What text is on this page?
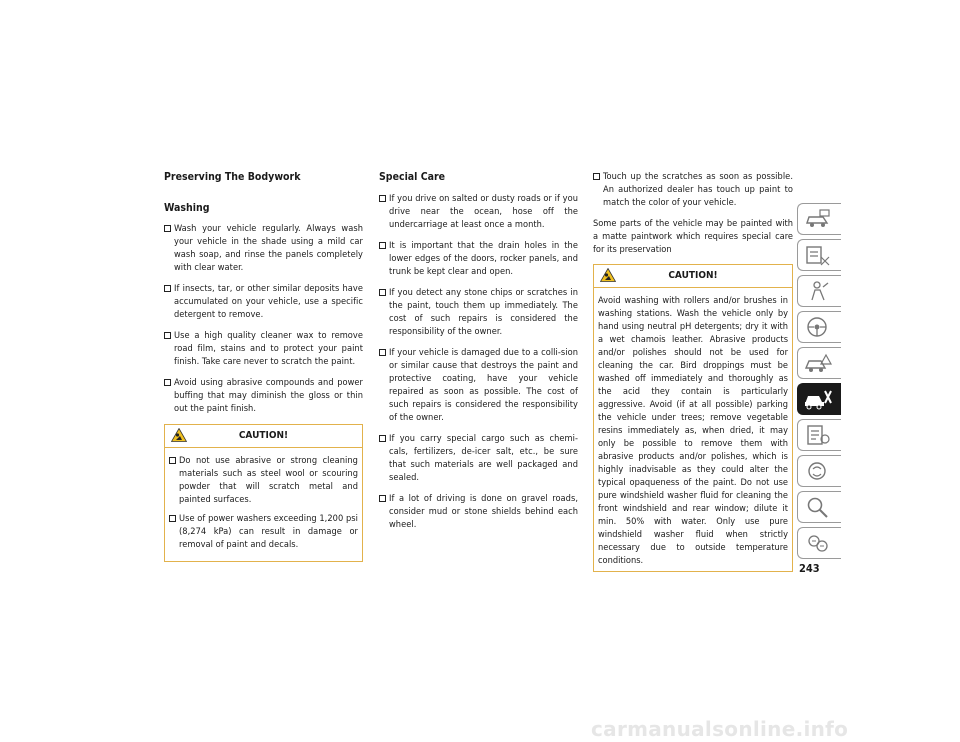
Preserving The Bodywork
Washing
Wash your vehicle regularly. Always wash your vehicle in the shade using a mild car wash soap, and rinse the panels completely with clear water.
If insects, tar, or other similar deposits have accumulated on your vehicle, use a specific detergent to remove.
Use a high quality cleaner wax to remove road film, stains and to protect your paint finish. Take care never to scratch the paint.
Avoid using abrasive compounds and power buffing that may diminish the gloss or thin out the paint finish.
CAUTION!
Do not use abrasive or strong cleaning materials such as steel wool or scouring powder that will scratch metal and painted surfaces.
Use of power washers exceeding 1,200 psi (8,274 kPa) can result in damage or removal of paint and decals.
Special Care
If you drive on salted or dusty roads or if you drive near the ocean, hose off the undercarriage at least once a month.
It is important that the drain holes in the lower edges of the doors, rocker panels, and trunk be kept clear and open.
If you detect any stone chips or scratches in the paint, touch them up immediately. The cost of such repairs is considered the responsibility of the owner.
If your vehicle is damaged due to a colli-sion or similar cause that destroys the paint and protective coating, have your vehicle repaired as soon as possible. The cost of such repairs is considered the responsibility of the owner.
If you carry special cargo such as chemi-cals, fertilizers, de-icer salt, etc., be sure that such materials are well packaged and sealed.
If a lot of driving is done on gravel roads, consider mud or stone shields behind each wheel.
Touch up the scratches as soon as possible. An authorized dealer has touch up paint to match the color of your vehicle.

Some parts of the vehicle may be painted with a matte paintwork which requires special care for its preservation

CAUTION!

Avoid washing with rollers and/or brushes in washing stations. Wash the vehicle only by hand using neutral pH detergents; dry it with a wet chamois leather. Abrasive products and/or polishes should not be used for cleaning the car. Bird droppings must be washed off immediately and thoroughly as the acid they contain is particularly aggressive. Avoid (if at all possible) parking the vehicle under trees; remove vegetable resins immediately as, when dried, it may only be possible to remove them with abrasive products and/or polishes, which is highly inadvisable as they could alter the typical opaqueness of the paint. Do not use pure windshield washer fluid for cleaning the front windshield and rear window; dilute it min. 50% with water. Only use pure windshield washer fluid when strictly necessary due to outside temperature conditions.

243
carmanualsonline.info
